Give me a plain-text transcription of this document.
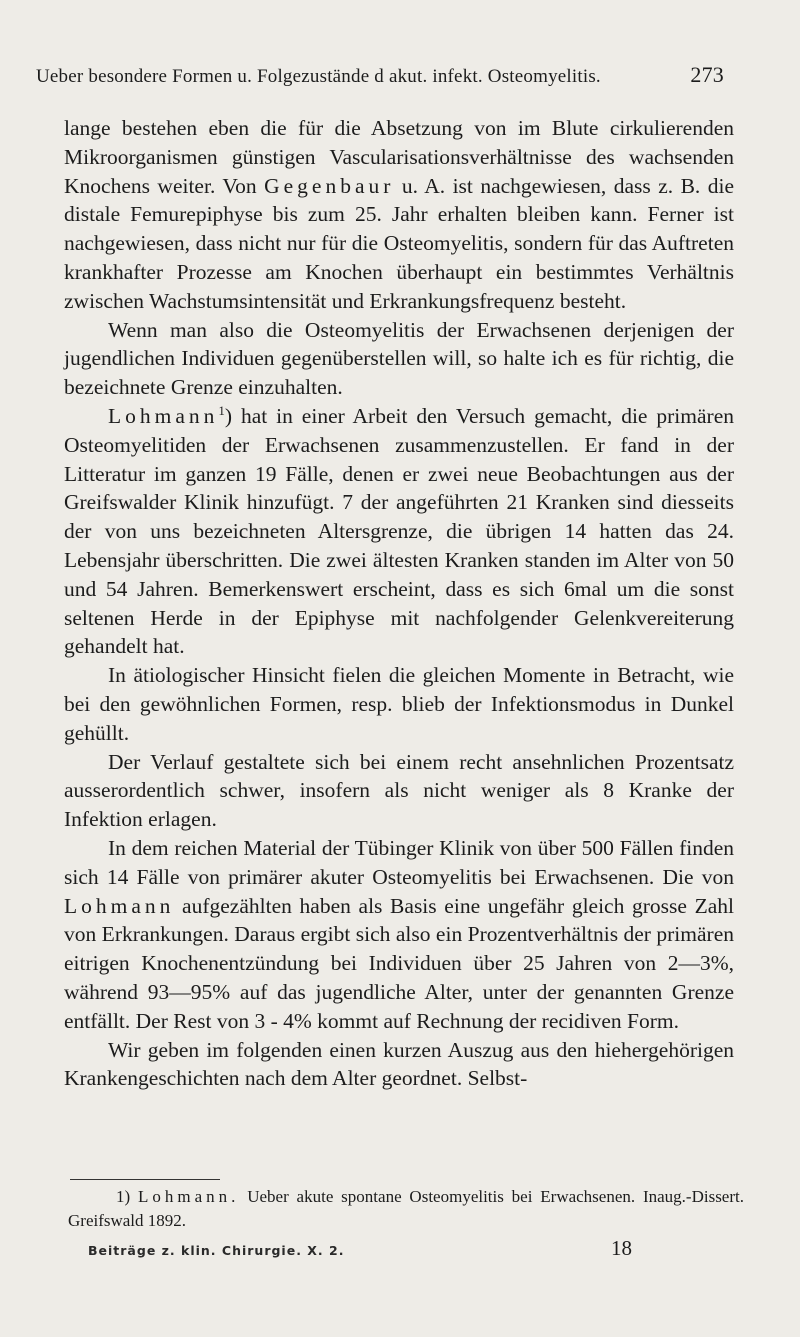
Ueber besondere Formen u. Folgezustände d akut. infekt. Osteomyelitis.	273

lange bestehen eben die für die Absetzung von im Blute cirkulierenden Mikroorganismen günstigen Vascularisationsverhältnisse des wachsenden Knochens weiter. Von Gegenbaur u. A. ist nachgewiesen, dass z. B. die distale Femurepiphyse bis zum 25. Jahr erhalten bleiben kann. Ferner ist nachgewiesen, dass nicht nur für die Osteomyelitis, sondern für das Auftreten krankhafter Prozesse am Knochen überhaupt ein bestimmtes Verhältnis zwischen Wachstumsintensität und Erkrankungsfrequenz besteht.

Wenn man also die Osteomyelitis der Erwachsenen derjenigen der jugendlichen Individuen gegenüberstellen will, so halte ich es für richtig, die bezeichnete Grenze einzuhalten.

Lohmann$^1$) hat in einer Arbeit den Versuch gemacht, die primären Osteomyelitiden der Erwachsenen zusammenzustellen. Er fand in der Litteratur im ganzen 19 Fälle, denen er zwei neue Beobachtungen aus der Greifswalder Klinik hinzufügt. 7 der angeführten 21 Kranken sind diesseits der von uns bezeichneten Altersgrenze, die übrigen 14 hatten das 24. Lebensjahr überschritten. Die zwei ältesten Kranken standen im Alter von 50 und 54 Jahren. Bemerkenswert erscheint, dass es sich 6mal um die sonst seltenen Herde in der Epiphyse mit nachfolgender Gelenkvereiterung gehandelt hat.

In ätiologischer Hinsicht fielen die gleichen Momente in Betracht, wie bei den gewöhnlichen Formen, resp. blieb der Infektionsmodus in Dunkel gehüllt.

Der Verlauf gestaltete sich bei einem recht ansehnlichen Prozentsatz ausserordentlich schwer, insofern als nicht weniger als 8 Kranke der Infektion erlagen.

In dem reichen Material der Tübinger Klinik von über 500 Fällen finden sich 14 Fälle von primärer akuter Osteomyelitis bei Erwachsenen. Die von Lohmann aufgezählten haben als Basis eine ungefähr gleich grosse Zahl von Erkrankungen. Daraus ergibt sich also ein Prozentverhältnis der primären eitrigen Knochenentzündung bei Individuen über 25 Jahren von 2—3%, während 93—95% auf das jugendliche Alter, unter der genannten Grenze entfällt. Der Rest von 3 - 4% kommt auf Rechnung der recidiven Form.

Wir geben im folgenden einen kurzen Auszug aus den hiehergehörigen Krankengeschichten nach dem Alter geordnet. Selbst-

1) Lohmann. Ueber akute spontane Osteomyelitis bei Erwachsenen. Inaug.-Dissert. Greifswald 1892.

Beiträge z. klin. Chirurgie. X. 2.	18
